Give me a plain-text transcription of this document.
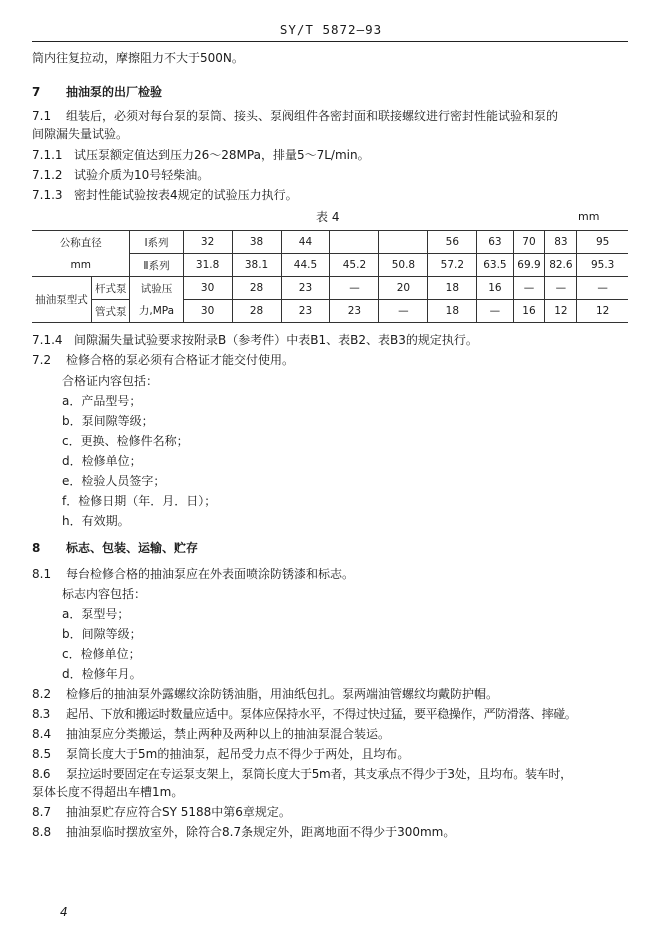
SY/T 5872—93
筒内往复拉动，摩擦阻力不大于500N。
7 抽油泵的出厂检验
7.1 组装后，必须对每台泵的泵筒、接头、泵阀组件各密封面和联接螺纹进行密封性能试验和泵的
间隙漏失量试验。
7.1.1 试压泵额定值达到压力26～28MPa，排量5～7L/min。
7.1.2 试验介质为10号轻柴油。
7.1.3 密封性能试验按表4规定的试验压力执行。
表 4	mm
公称直径		Ⅰ系列	32	38	44			56	63	70	83	95
mm		Ⅱ系列	31.8	38.1	44.5	45.2	50.8	57.2	63.5	69.9	82.6	95.3
抽油泵型式	杆式泵	试验压	30	28	23	—	20	18	16	—	—	—
	管式泵	力,MPa	30	28	23	23	—	18	—	16	12	12
7.1.4 间隙漏失量试验要求按附录B（参考件）中表B1、表B2、表B3的规定执行。
7.2 检修合格的泵必须有合格证才能交付使用。
合格证内容包括：
a．产品型号；
b．泵间隙等级；
c．更换、检修件名称；
d．检修单位；
e．检验人员签字；
f．检修日期（年．月．日）；
h．有效期。
8 标志、包装、运输、贮存
8.1 每台检修合格的抽油泵应在外表面喷涂防锈漆和标志。
标志内容包括：
a．泵型号；
b．间隙等级；
c．检修单位；
d．检修年月。
8.2 检修后的抽油泵外露螺纹涂防锈油脂，用油纸包扎。泵两端油管螺纹均戴防护帽。
8.3 起吊、下放和搬运时数量应适中。泵体应保持水平，不得过快过猛，要平稳操作，严防滑落、摔碰。
8.4 抽油泵应分类搬运，禁止两种及两种以上的抽油泵混合装运。
8.5 泵筒长度大于5m的抽油泵，起吊受力点不得少于两处，且均布。
8.6 泵拉运时要固定在专运泵支架上，泵筒长度大于5m者，其支承点不得少于3处，且均布。装车时，
泵体长度不得超出车槽1m。
8.7 抽油泵贮存应符合SY 5188中第6章规定。
8.8 抽油泵临时摆放室外，除符合8.7条规定外，距离地面不得少于300mm。
4
